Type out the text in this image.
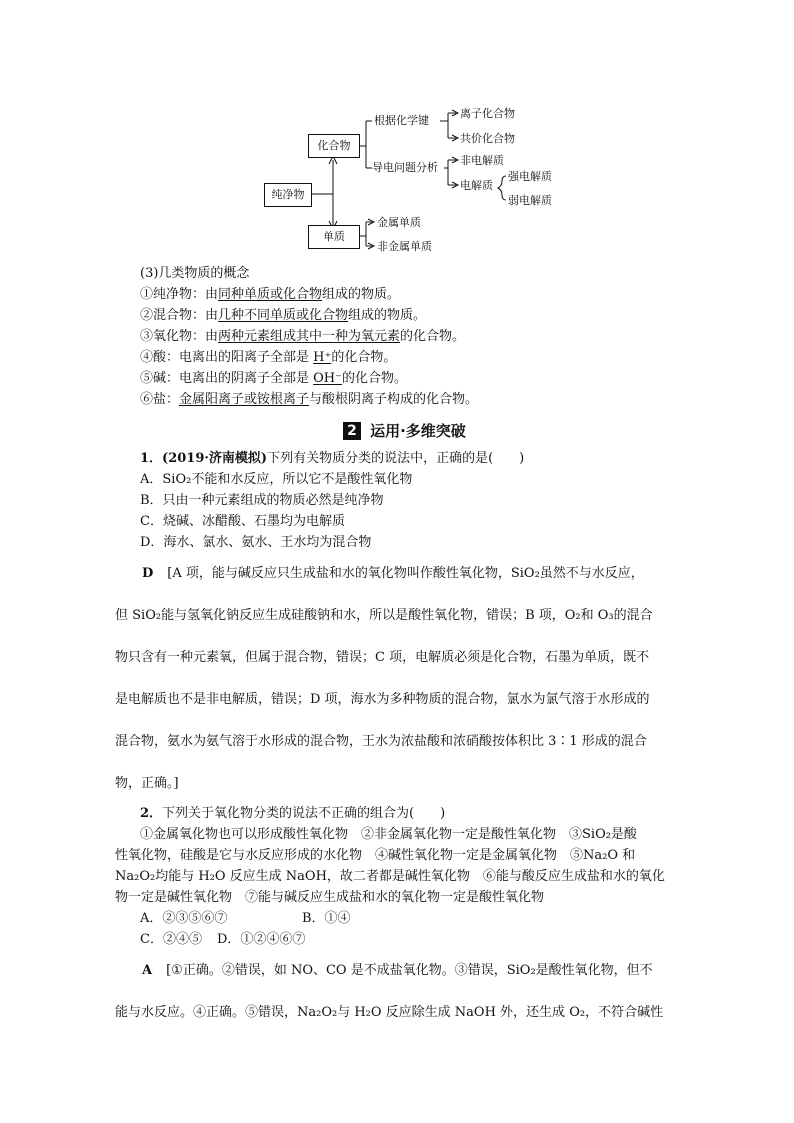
化合物
纯净物
单质
根据化学键
离子化合物
共价化合物
导电问题分析
非电解质
电解质
强电解质
弱电解质
金属单质
非金属单质
(3)几类物质的概念
①纯净物：由同种单质或化合物组成的物质。
②混合物：由几种不同单质或化合物组成的物质。
③氧化物：由两种元素组成其中一种为氧元素的化合物。
④酸：电离出的阳离子全部是 H⁺的化合物。
⑤碱：电离出的阴离子全部是 OH⁻的化合物。
⑥盐：金属阳离子或铵根离子与酸根阴离子构成的化合物。
2 运用·多维突破
1．(2019·济南模拟)下列有关物质分类的说法中，正确的是(　　)
A．SiO₂不能和水反应，所以它不是酸性氧化物
B．只由一种元素组成的物质必然是纯净物
C．烧碱、冰醋酸、石墨均为电解质
D．海水、氯水、氨水、王水均为混合物
D [A 项，能与碱反应只生成盐和水的氧化物叫作酸性氧化物，SiO₂虽然不与水反应，
但 SiO₂能与氢氧化钠反应生成硅酸钠和水，所以是酸性氧化物，错误；B 项，O₂和 O₃的混合
物只含有一种元素氧，但属于混合物，错误；C 项，电解质必须是化合物，石墨为单质，既不
是电解质也不是非电解质，错误；D 项，海水为多种物质的混合物，氯水为氯气溶于水形成的
混合物，氨水为氨气溶于水形成的混合物，王水为浓盐酸和浓硝酸按体积比 3∶1 形成的混合
物，正确。]
2．下列关于氧化物分类的说法不正确的组合为(　　)
①金属氧化物也可以形成酸性氧化物　②非金属氧化物一定是酸性氧化物　③SiO₂是酸
性氧化物，硅酸是它与水反应形成的水化物　④碱性氧化物一定是金属氧化物　⑤Na₂O 和
Na₂O₂均能与 H₂O 反应生成 NaOH，故二者都是碱性氧化物　⑥能与酸反应生成盐和水的氧化
物一定是碱性氧化物　⑦能与碱反应生成盐和水的氧化物一定是酸性氧化物
A．②③⑤⑥⑦	B．①④
C．②④⑤ D．①②④⑥⑦
A [①正确。②错误，如 NO、CO 是不成盐氧化物。③错误，SiO₂是酸性氧化物，但不
能与水反应。④正确。⑤错误，Na₂O₂与 H₂O 反应除生成 NaOH 外，还生成 O₂，不符合碱性
